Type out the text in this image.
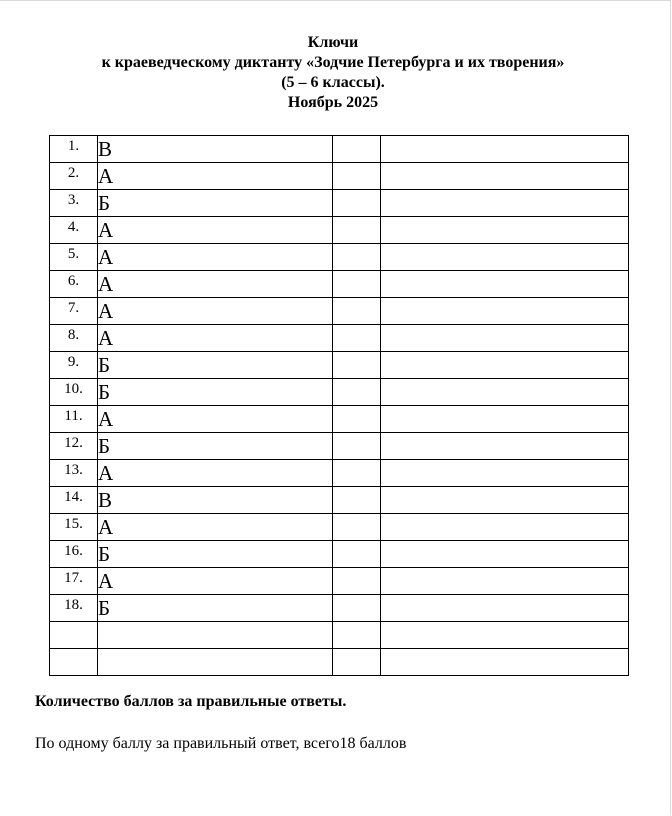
Ключи
к краеведческому диктанту «Зодчие Петербурга и их творения»
(5 – 6 классы).
Ноябрь 2025
1.	В		
2.	А		
3.	Б		
4.	А		
5.	А		
6.	А		
7.	А		
8.	А		
9.	Б		
10.	Б		
11.	А		
12.	Б		
13.	А		
14.	В		
15.	А		
16.	Б		
17.	А		
18.	Б		

Количество баллов за правильные ответы.
По одному баллу за правильный ответ, всего18 баллов
